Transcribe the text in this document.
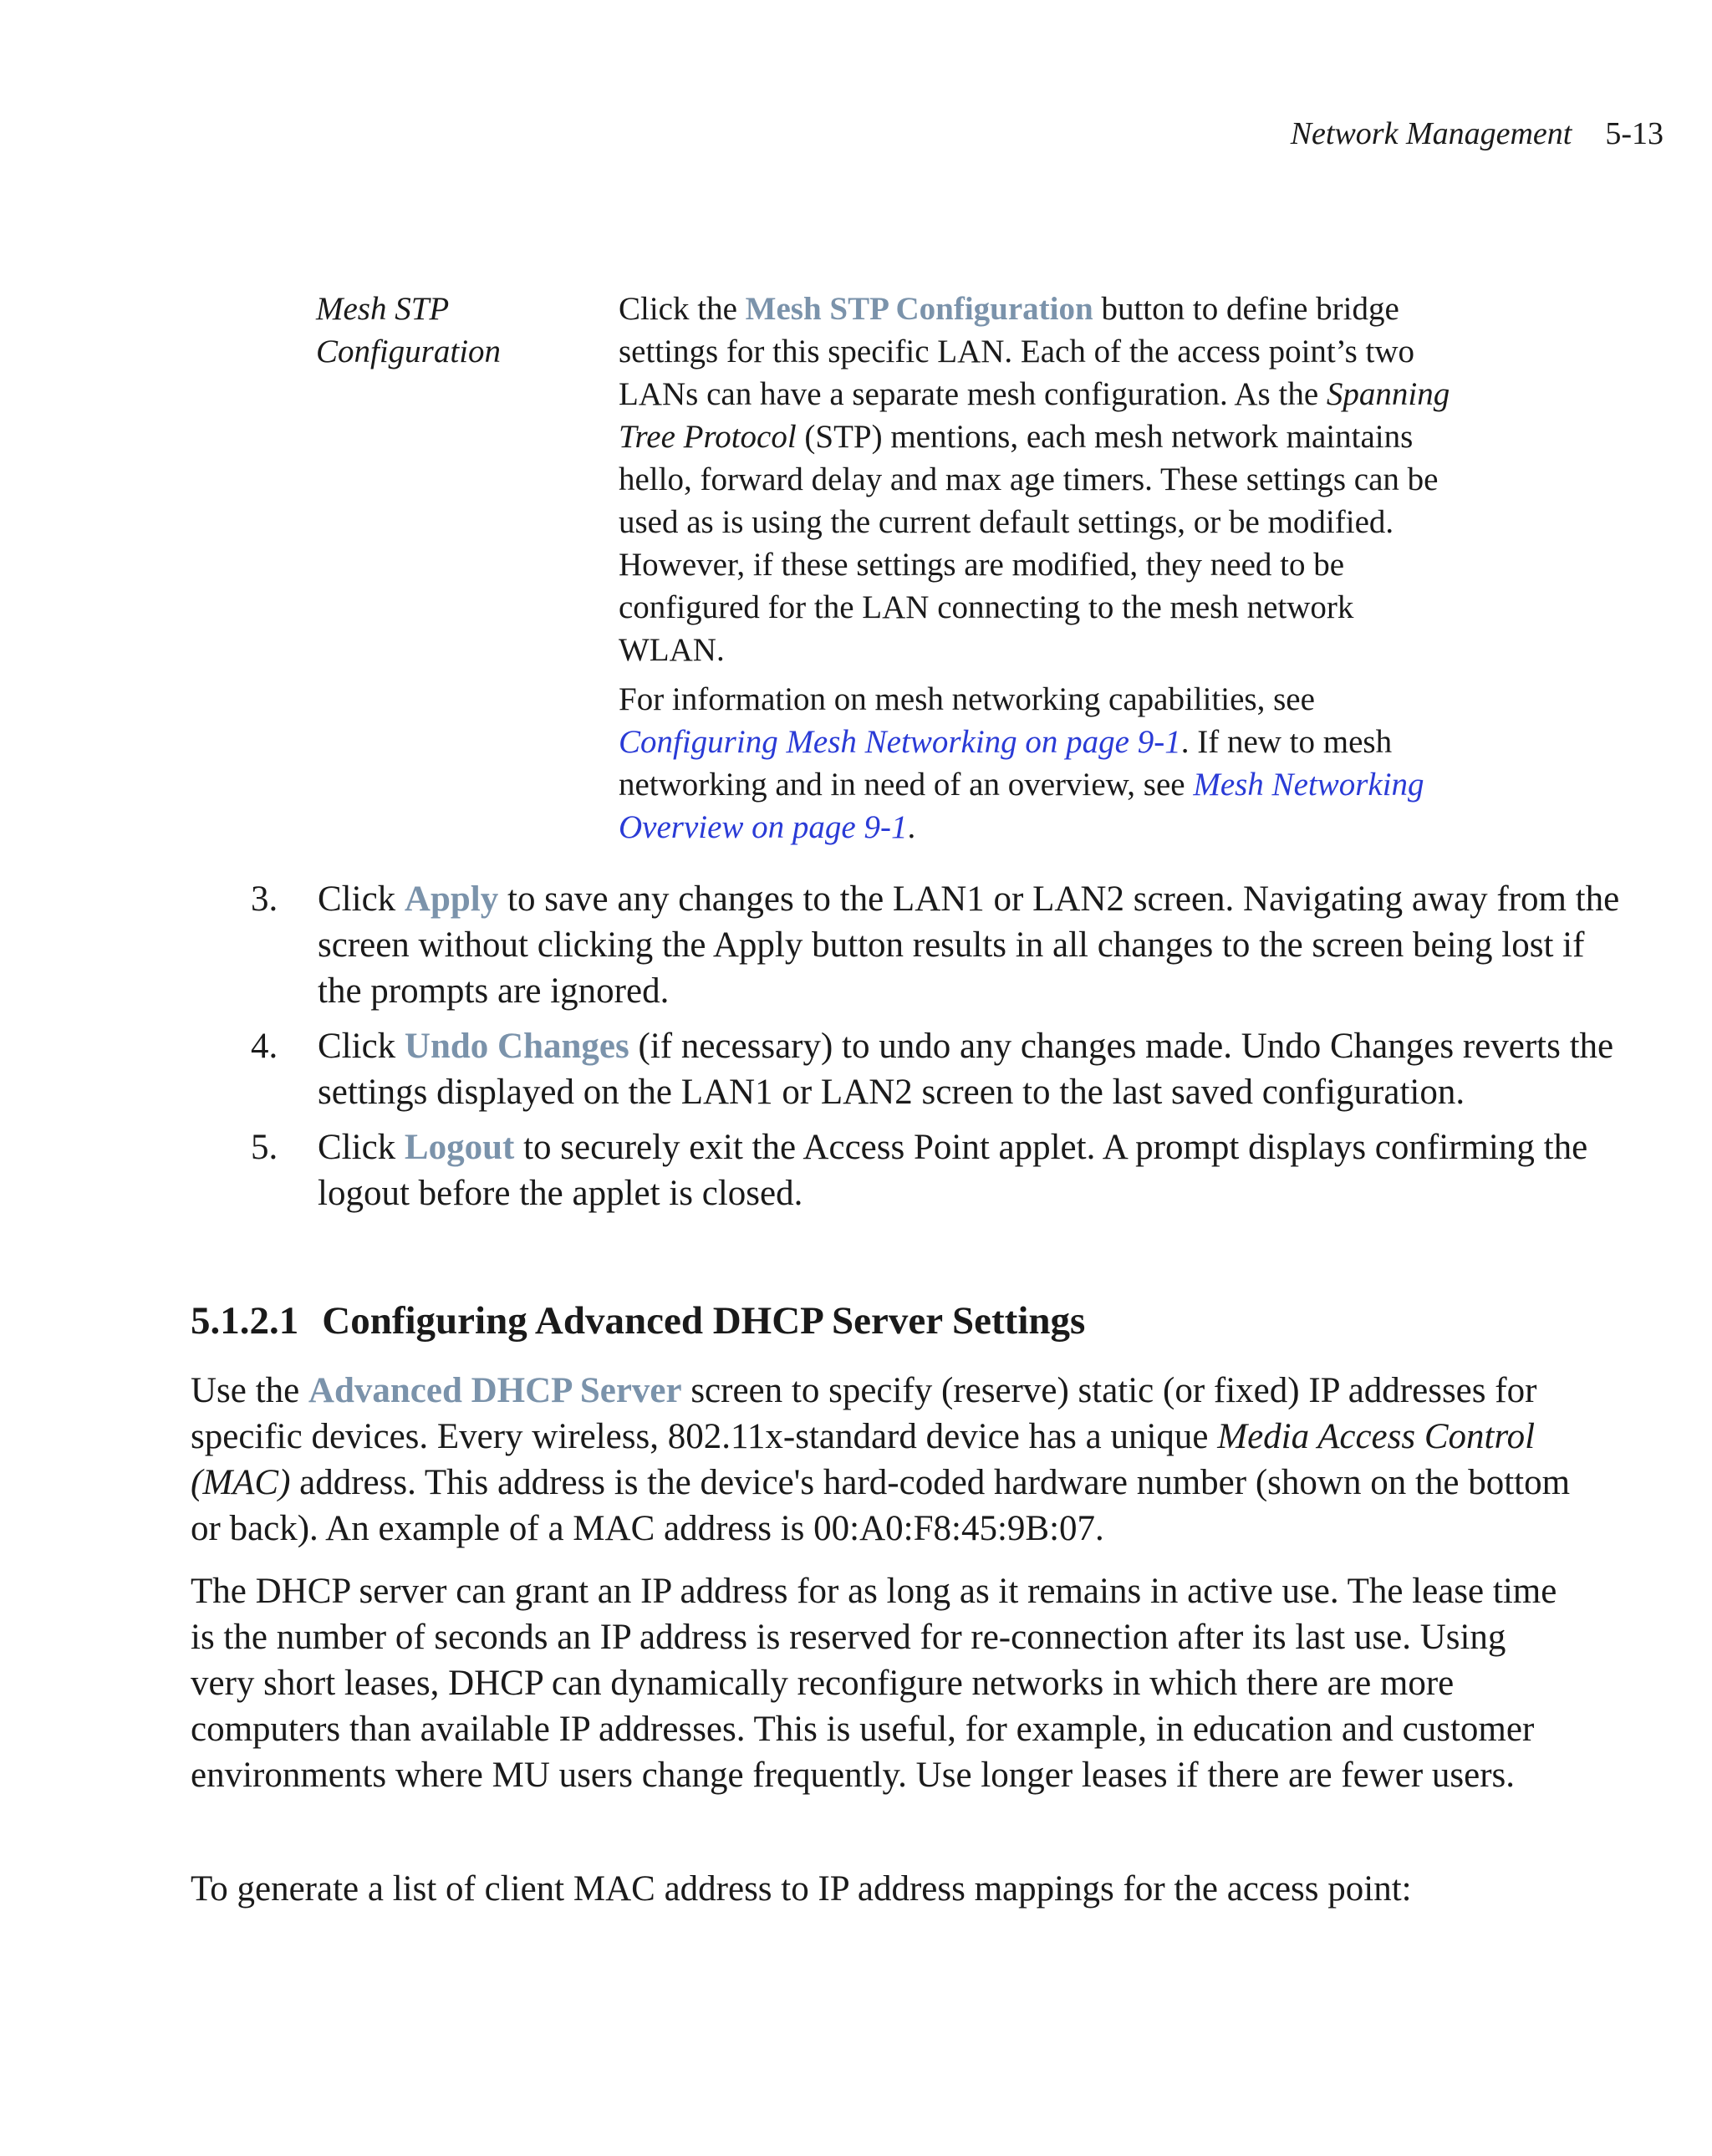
Network Management 5-13
Mesh STP
Configuration

Click the Mesh STP Configuration button to define bridge settings for this specific LAN. Each of the access point’s two LANs can have a separate mesh configuration. As the Spanning Tree Protocol (STP) mentions, each mesh network maintains hello, forward delay and max age timers. These settings can be used as is using the current default settings, or be modified. However, if these settings are modified, they need to be configured for the LAN connecting to the mesh network WLAN.

For information on mesh networking capabilities, see Configuring Mesh Networking on page 9-1. If new to mesh networking and in need of an overview, see Mesh Networking Overview on page 9-1.

3. Click Apply to save any changes to the LAN1 or LAN2 screen. Navigating away from the screen without clicking the Apply button results in all changes to the screen being lost if the prompts are ignored.
4. Click Undo Changes (if necessary) to undo any changes made. Undo Changes reverts the settings displayed on the LAN1 or LAN2 screen to the last saved configuration.
5. Click Logout to securely exit the Access Point applet. A prompt displays confirming the logout before the applet is closed.
5.1.2.1 Configuring Advanced DHCP Server Settings

Use the Advanced DHCP Server screen to specify (reserve) static (or fixed) IP addresses for specific devices. Every wireless, 802.11x-standard device has a unique Media Access Control (MAC) address. This address is the device's hard-coded hardware number (shown on the bottom or back). An example of a MAC address is 00:A0:F8:45:9B:07.

The DHCP server can grant an IP address for as long as it remains in active use. The lease time is the number of seconds an IP address is reserved for re-connection after its last use. Using very short leases, DHCP can dynamically reconfigure networks in which there are more computers than available IP addresses. This is useful, for example, in education and customer environments where MU users change frequently. Use longer leases if there are fewer users.

To generate a list of client MAC address to IP address mappings for the access point:
